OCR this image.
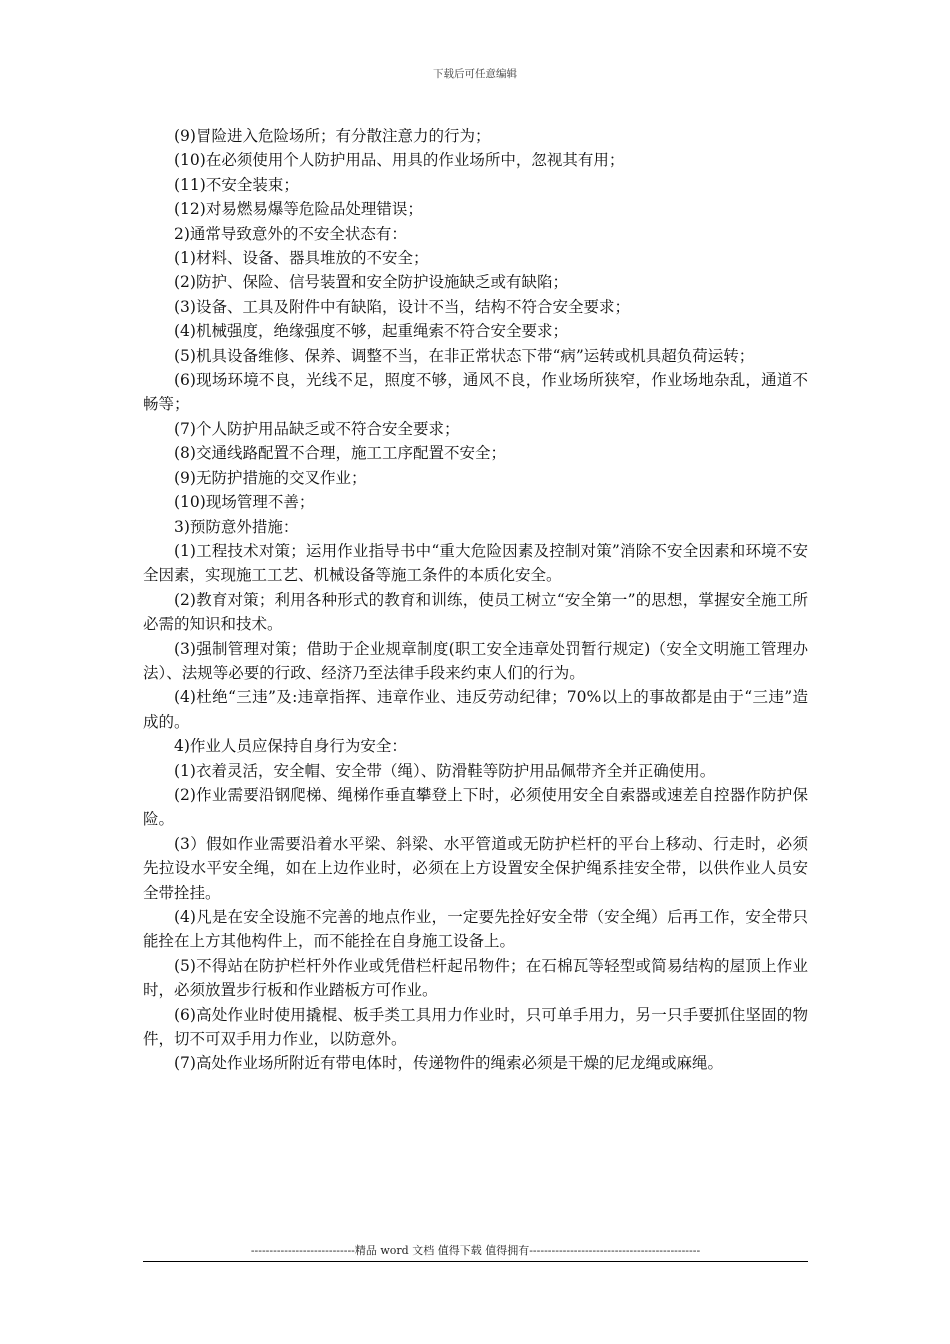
下载后可任意编辑

(9)冒险进入危险场所；有分散注意力的行为；

(10)在必须使用个人防护用品、用具的作业场所中，忽视其有用；

(11)不安全装束；

(12)对易燃易爆等危险品处理错误；

2)通常导致意外的不安全状态有：

(1)材料、设备、器具堆放的不安全；

(2)防护、保险、信号装置和安全防护设施缺乏或有缺陷；

(3)设备、工具及附件中有缺陷，设计不当，结构不符合安全要求；

(4)机械强度，绝缘强度不够，起重绳索不符合安全要求；

(5)机具设备维修、保养、调整不当，在非正常状态下带“病”运转或机具超负荷运转；

(6)现场环境不良，光线不足，照度不够，通风不良，作业场所狭窄，作业场地杂乱，通道不畅等；

(7)个人防护用品缺乏或不符合安全要求；

(8)交通线路配置不合理，施工工序配置不安全；

(9)无防护措施的交叉作业；

(10)现场管理不善；

3)预防意外措施：

(1)工程技术对策；运用作业指导书中“重大危险因素及控制对策”消除不安全因素和环境不安全因素，实现施工工艺、机械设备等施工条件的本质化安全。

(2)教育对策；利用各种形式的教育和训练，使员工树立“安全第一”的思想，掌握安全施工所必需的知识和技术。

(3)强制管理对策；借助于企业规章制度(职工安全违章处罚暂行规定)（安全文明施工管理办法）、法规等必要的行政、经济乃至法律手段来约束人们的行为。

(4)杜绝“三违”及:违章指挥、违章作业、违反劳动纪律；70%以上的事故都是由于“三违”造成的。

4)作业人员应保持自身行为安全：

(1)衣着灵活，安全帽、安全带（绳）、防滑鞋等防护用品佩带齐全并正确使用。

(2)作业需要沿钢爬梯、绳梯作垂直攀登上下时，必须使用安全自索器或速差自控器作防护保险。

(3）假如作业需要沿着水平梁、斜梁、水平管道或无防护栏杆的平台上移动、行走时，必须先拉设水平安全绳，如在上边作业时，必须在上方设置安全保护绳系挂安全带，以供作业人员安全带拴挂。

(4)凡是在安全设施不完善的地点作业，一定要先拴好安全带（安全绳）后再工作，安全带只能拴在上方其他构件上，而不能拴在自身施工设备上。

(5)不得站在防护栏杆外作业或凭借栏杆起吊物件；在石棉瓦等轻型或简易结构的屋顶上作业时，必须放置步行板和作业踏板方可作业。

(6)高处作业时使用撬棍、板手类工具用力作业时，只可单手用力，另一只手要抓住坚固的物件，切不可双手用力作业，以防意外。

(7)高处作业场所附近有带电体时，传递物件的绳索必须是干燥的尼龙绳或麻绳。

----------------------------精品 word 文档 值得下载 值得拥有----------------------------------------------
